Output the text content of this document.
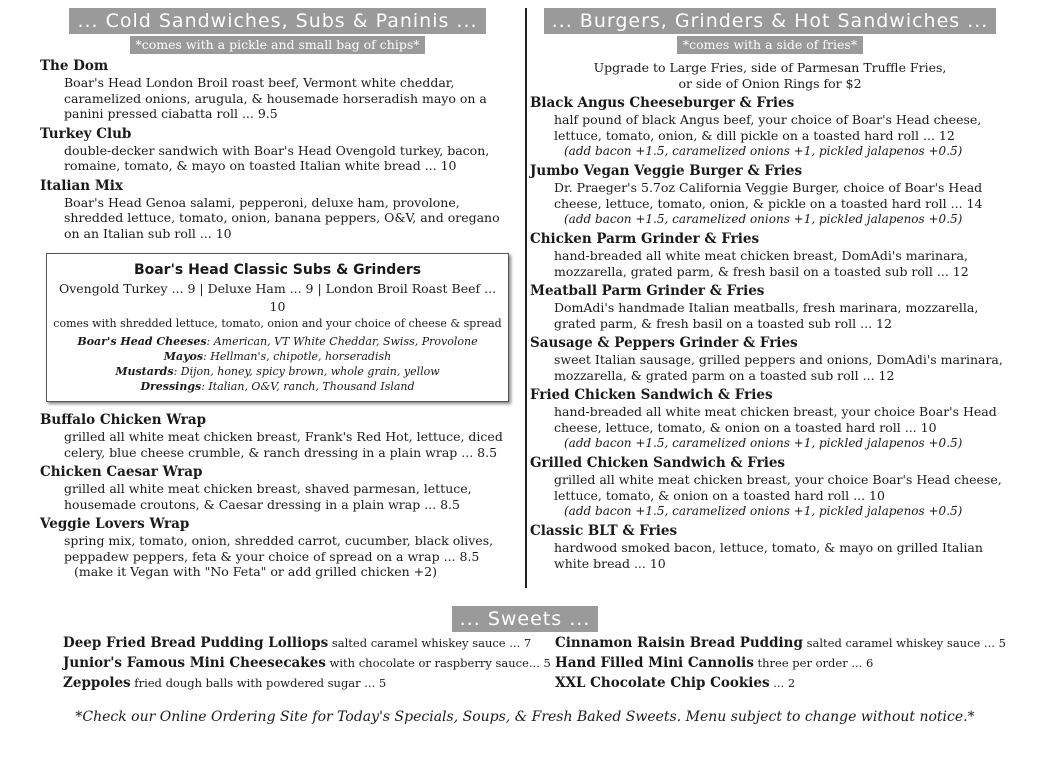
... Cold Sandwiches, Subs & Paninis ...
*comes with a pickle and small bag of chips*
The Dom
Boar's Head London Broil roast beef, Vermont white cheddar, caramelized onions, arugula, & housemade horseradish mayo on a panini pressed ciabatta roll ... 9.5
Turkey Club
double-decker sandwich with Boar's Head Ovengold turkey, bacon, romaine, tomato, & mayo on toasted Italian white bread ... 10
Italian Mix
Boar's Head Genoa salami, pepperoni, deluxe ham, provolone, shredded lettuce, tomato, onion, banana peppers, O&V, and oregano on an Italian sub roll ... 10
Boar's Head Classic Subs & Grinders
Ovengold Turkey ... 9 | Deluxe Ham ... 9 | London Broil Roast Beef ... 10
comes with shredded lettuce, tomato, onion and your choice of cheese & spread
Boar's Head Cheeses: American, VT White Cheddar, Swiss, Provolone
Mayos: Hellman's, chipotle, horseradish
Mustards: Dijon, honey, spicy brown, whole grain, yellow
Dressings: Italian, O&V, ranch, Thousand Island
Buffalo Chicken Wrap
grilled all white meat chicken breast, Frank's Red Hot, lettuce, diced celery, blue cheese crumble, & ranch dressing in a plain wrap ... 8.5
Chicken Caesar Wrap
grilled all white meat chicken breast, shaved parmesan, lettuce, housemade croutons, & Caesar dressing in a plain wrap ... 8.5
Veggie Lovers Wrap
spring mix, tomato, onion, shredded carrot, cucumber, black olives, peppadew peppers, feta & your choice of spread on a wrap ... 8.5
(make it Vegan with "No Feta" or add grilled chicken +2)
... Burgers, Grinders & Hot Sandwiches ...
*comes with a side of fries*
Upgrade to Large Fries, side of Parmesan Truffle Fries,
or side of Onion Rings for $2
Black Angus Cheeseburger & Fries
half pound of black Angus beef, your choice of Boar's Head cheese, lettuce, tomato, onion, & dill pickle on a toasted hard roll ... 12
(add bacon +1.5, caramelized onions +1, pickled jalapenos +0.5)
Jumbo Vegan Veggie Burger & Fries
Dr. Praeger's 5.7oz California Veggie Burger, choice of Boar's Head cheese, lettuce, tomato, onion, & pickle on a toasted hard roll ... 14
(add bacon +1.5, caramelized onions +1, pickled jalapenos +0.5)
Chicken Parm Grinder & Fries
hand-breaded all white meat chicken breast, DomAdi's marinara, mozzarella, grated parm, & fresh basil on a toasted sub roll ... 12
Meatball Parm Grinder & Fries
DomAdi's handmade Italian meatballs, fresh marinara, mozzarella, grated parm, & fresh basil on a toasted sub roll ... 12
Sausage & Peppers Grinder & Fries
sweet Italian sausage, grilled peppers and onions, DomAdi's marinara, mozzarella, & grated parm on a toasted sub roll ... 12
Fried Chicken Sandwich & Fries
hand-breaded all white meat chicken breast, your choice Boar's Head cheese, lettuce, tomato, & onion on a toasted hard roll ... 10
(add bacon +1.5, caramelized onions +1, pickled jalapenos +0.5)
Grilled Chicken Sandwich & Fries
grilled all white meat chicken breast, your choice Boar's Head cheese, lettuce, tomato, & onion on a toasted hard roll ... 10
(add bacon +1.5, caramelized onions +1, pickled jalapenos +0.5)
Classic BLT & Fries
hardwood smoked bacon, lettuce, tomato, & mayo on grilled Italian white bread ... 10
... Sweets ...
Deep Fried Bread Pudding Lolliops salted caramel whiskey sauce ... 7
Junior's Famous Mini Cheesecakes with chocolate or raspberry sauce... 5
Zeppoles fried dough balls with powdered sugar ... 5
Cinnamon Raisin Bread Pudding salted caramel whiskey sauce ... 5
Hand Filled Mini Cannolis three per order ... 6
XXL Chocolate Chip Cookies ... 2
*Check our Online Ordering Site for Today's Specials, Soups, & Fresh Baked Sweets. Menu subject to change without notice.*
